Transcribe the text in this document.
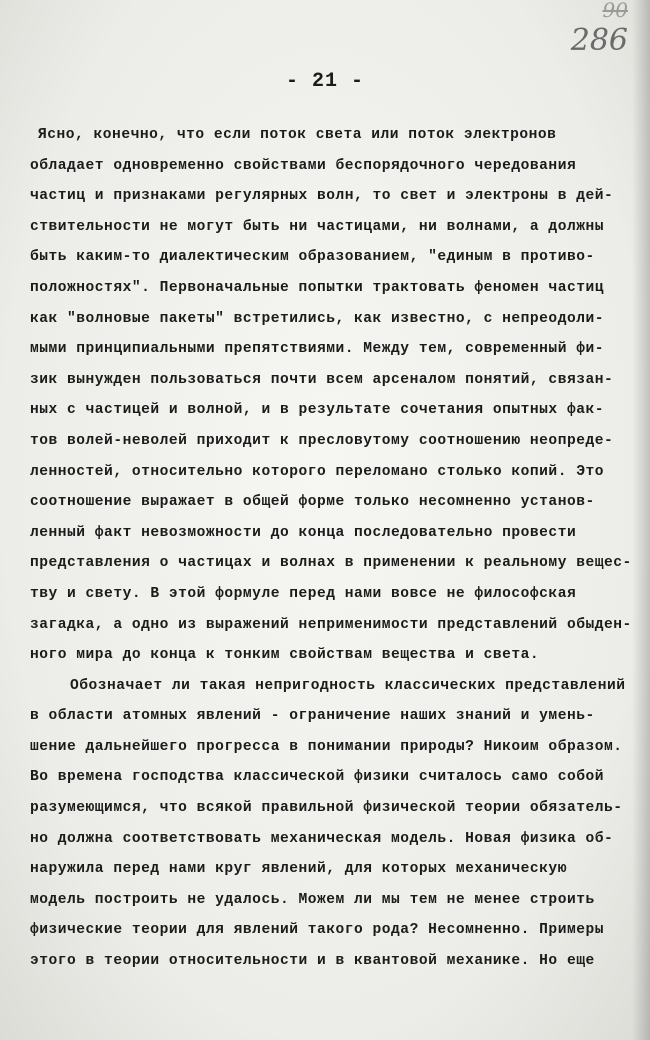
90
286
- 21 -
Ясно, конечно, что если поток света или поток электронов
обладает одновременно свойствами беспорядочного чередования
частиц и признаками регулярных волн, то свет и электроны в дей-
ствительности не могут быть ни частицами, ни волнами, а должны
быть каким-то диалектическим образованием, "единым в противо-
положностях". Первоначальные попытки трактовать феномен частиц
как "волновые пакеты" встретились, как известно, с непреодоли-
мыми принципиальными препятствиями. Между тем, современный фи-
зик вынужден пользоваться почти всем арсеналом понятий, связан-
ных с частицей и волной, и в результате сочетания опытных фак-
тов волей-неволей приходит к пресловутому соотношению неопреде-
ленностей, относительно которого переломано столько копий. Это
соотношение выражает в общей форме только несомненно установ-
ленный факт невозможности до конца последовательно провести
представления о частицах и волнах в применении к реальному вещес-
тву и свету. В этой формуле перед нами вовсе не философская
загадка, а одно из выражений неприменимости представлений обыден-
ного мира до конца к тонким свойствам вещества и света.
Обозначает ли такая непригодность классических представлений
в области атомных явлений - ограничение наших знаний и умень-
шение дальнейшего прогресса в понимании природы? Никоим образом.
Во времена господства классической физики считалось само собой
разумеющимся, что всякой правильной физической теории обязатель-
но должна соответствовать механическая модель. Новая физика об-
наружила перед нами круг явлений, для которых механическую
модель построить не удалось. Можем ли мы тем не менее строить
физические теории для явлений такого рода? Несомненно. Примеры
этого в теории относительности и в квантовой механике. Но еще
